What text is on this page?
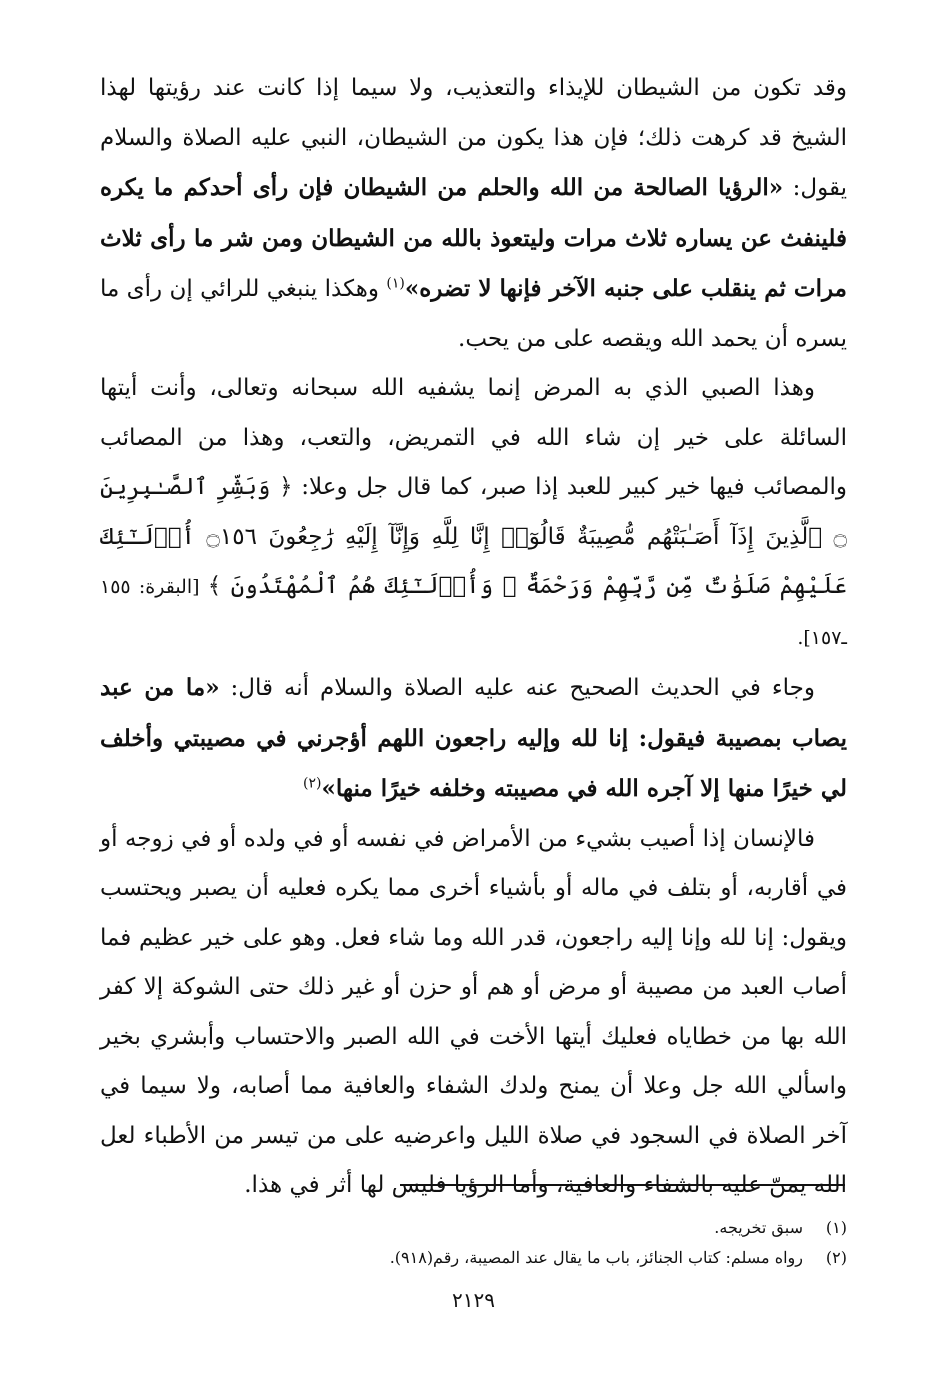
وقد تكون من الشيطان للإيذاء والتعذيب، ولا سيما إذا كانت عند رؤيتها لهذا الشيخ قد كرهت ذلك؛ فإن هذا يكون من الشيطان، النبي عليه الصلاة والسلام يقول: «الرؤيا الصالحة من الله والحلم من الشيطان فإن رأى أحدكم ما يكره فلينفث عن يساره ثلاث مرات وليتعوذ بالله من الشيطان ومن شر ما رأى ثلاث مرات ثم ينقلب على جنبه الآخر فإنها لا تضره»$^{(١)}$ وهكذا ينبغي للرائي إن رأى ما يسره أن يحمد الله ويقصه على من يحب.

وهذا الصبي الذي به المرض إنما يشفيه الله سبحانه وتعالى، وأنت أيتها السائلة على خير إن شاء الله في التمريض، والتعب، وهذا من المصائب والمصائب فيها خير كبير للعبد إذا صبر، كما قال جل وعلا: ﴿ وَبَشِّرِ ٱلصَّـٰبِرِينَ ۝ ٱلَّذِينَ إِذَآ أَصَـٰبَتْهُم مُّصِيبَةٌ قَالُوٓا۟ إِنَّا لِلَّهِ وَإِنَّآ إِلَيْهِ رَٰجِعُونَ ۝١٥٦ أُو۟لَـٰٓئِكَ عَلَيْهِمْ صَلَوَٰتٌ مِّن رَّبِّهِمْ وَرَحْمَةٌ ۖ وَأُو۟لَـٰٓئِكَ هُمُ ٱلْمُهْتَدُونَ ﴾ [البقرة: ١٥٥ ـ١٥٧].

وجاء في الحديث الصحيح عنه عليه الصلاة والسلام أنه قال: «ما من عبد يصاب بمصيبة فيقول: إنا لله وإليه راجعون اللهم أؤجرني في مصيبتي وأخلف لي خيرًا منها إلا آجره الله في مصيبته وخلفه خيرًا منها»$^{(٢)}$

فالإنسان إذا أصيب بشيء من الأمراض في نفسه أو في ولده أو في زوجه أو في أقاربه، أو بتلف في ماله أو بأشياء أخرى مما يكره فعليه أن يصبر ويحتسب ويقول: إنا لله وإنا إليه راجعون، قدر الله وما شاء فعل. وهو على خير عظيم فما أصاب العبد من مصيبة أو مرض أو هم أو حزن أو غير ذلك حتى الشوكة إلا كفر الله بها من خطاياه فعليك أيتها الأخت في الله الصبر والاحتساب وأبشري بخير واسألي الله جل وعلا أن يمنح ولدك الشفاء والعافية مما أصابه، ولا سيما في آخر الصلاة في السجود في صلاة الليل واعرضيه على من تيسر من الأطباء لعل الله يمنّ عليه بالشفاء والعافية، وأما الرؤيا فليس لها أثر في هذا.

(١)
سبق تخريجه.
(٢)
رواه مسلم: كتاب الجنائز، باب ما يقال عند المصيبة، رقم(٩١٨).
٢١٢٩
